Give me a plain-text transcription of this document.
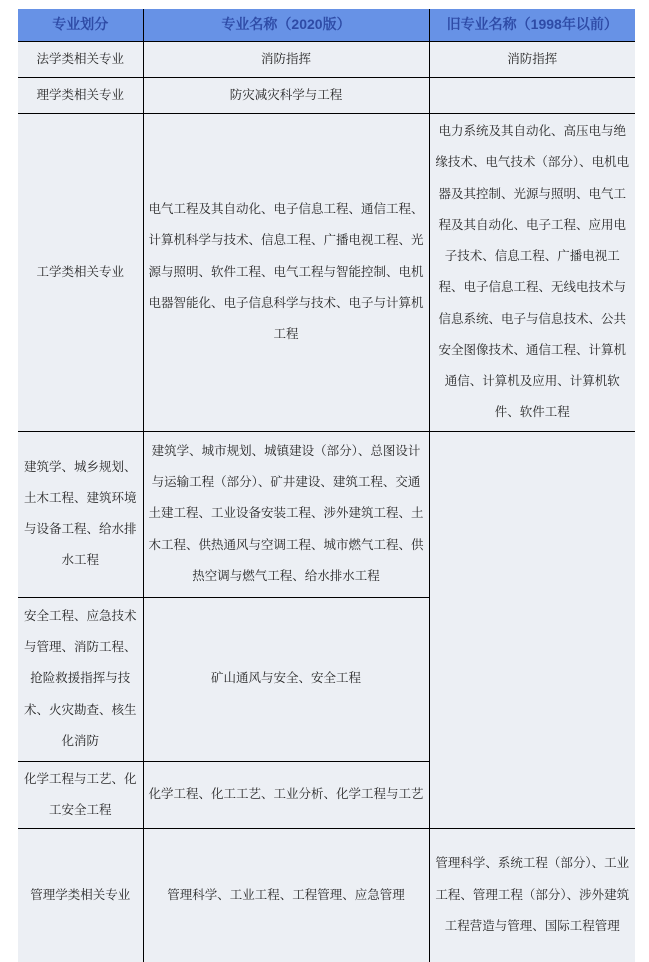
专业划分	专业名称（2020版）	旧专业名称（1998年以前）
法学类相关专业	消防指挥	消防指挥
理学类相关专业	防灾减灾科学与工程	
工学类相关专业	电气工程及其自动化、电子信息工程、通信工程、计算机科学与技术、信息工程、广播电视工程、光源与照明、软件工程、电气工程与智能控制、电机电器智能化、电子信息科学与技术、电子与计算机工程	电力系统及其自动化、高压电与绝缘技术、电气技术（部分）、电机电器及其控制、光源与照明、电气工程及其自动化、电子工程、应用电子技术、信息工程、广播电视工程、电子信息工程、无线电技术与信息系统、电子与信息技术、公共安全图像技术、通信工程、计算机通信、计算机及应用、计算机软件、软件工程
建筑学、城乡规划、土木工程、建筑环境与设备工程、给水排水工程	建筑学、城市规划、城镇建设（部分）、总图设计与运输工程（部分）、矿井建设、建筑工程、交通土建工程、工业设备安装工程、涉外建筑工程、土木工程、供热通风与空调工程、城市燃气工程、供热空调与燃气工程、给水排水工程	
安全工程、应急技术与管理、消防工程、抢险救援指挥与技术、火灾勘查、核生化消防	矿山通风与安全、安全工程	
化学工程与工艺、化工安全工程	化学工程、化工工艺、工业分析、化学工程与工艺	
管理学类相关专业	管理科学、工业工程、工程管理、应急管理	管理科学、系统工程（部分）、工业工程、管理工程（部分）、涉外建筑工程营造与管理、国际工程管理
